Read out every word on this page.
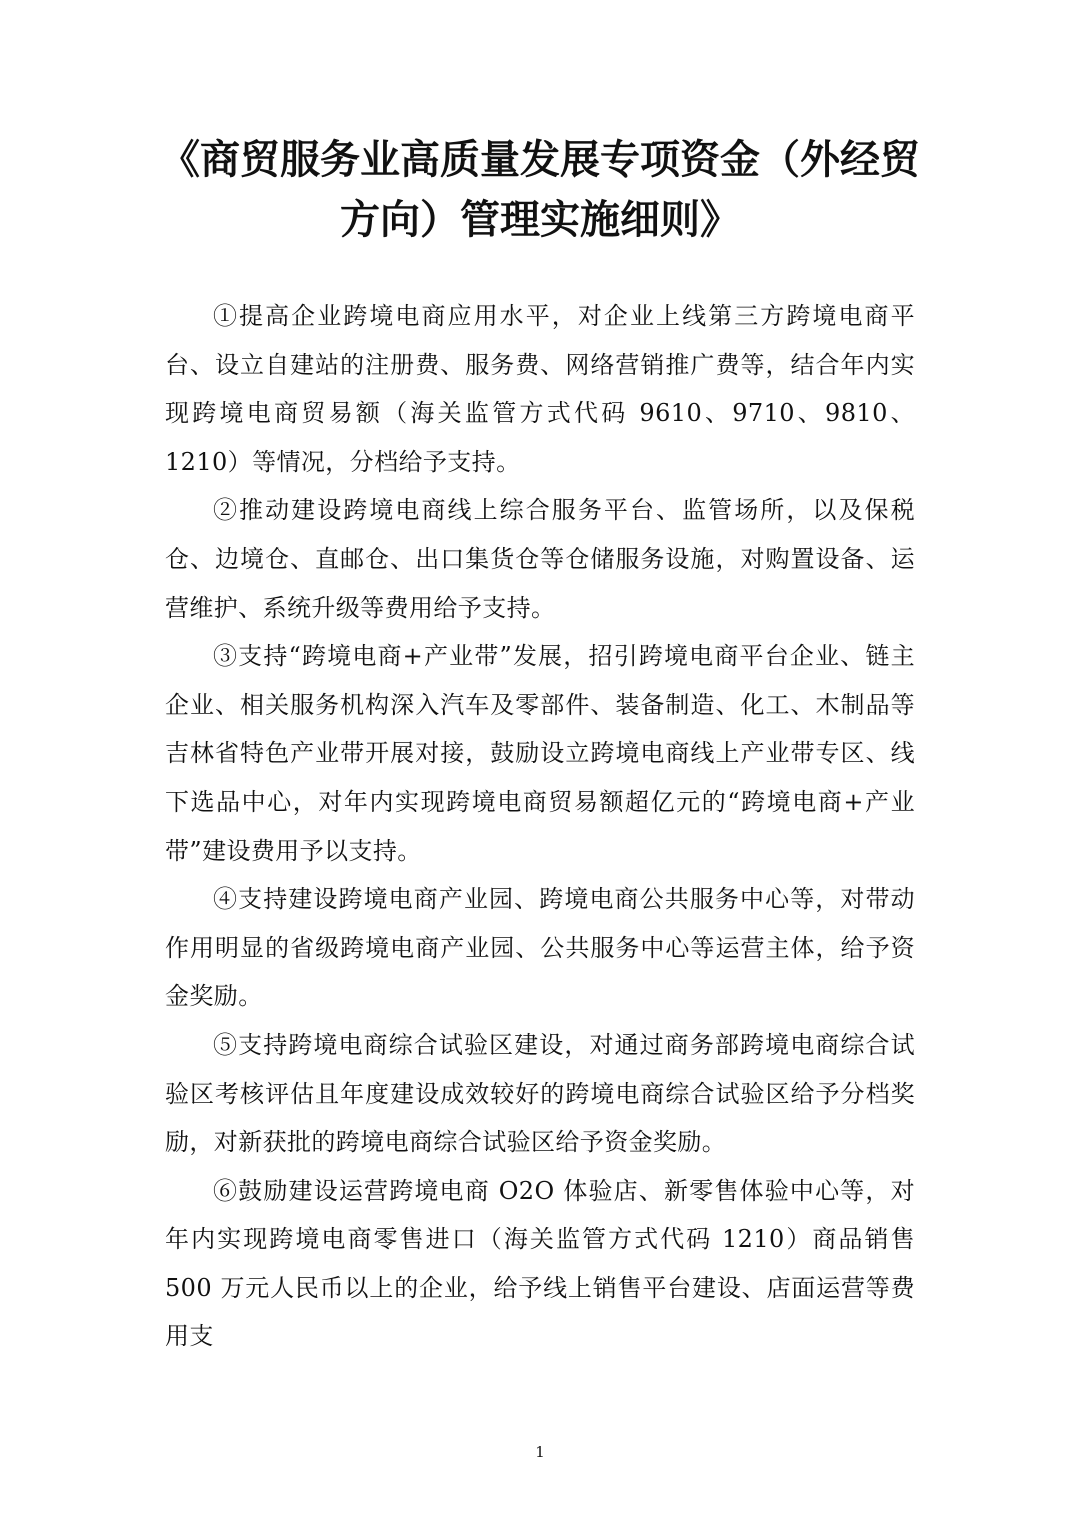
《商贸服务业高质量发展专项资金（外经贸
方向）管理实施细则》

①提高企业跨境电商应用水平，对企业上线第三方跨境电商平台、设立自建站的注册费、服务费、网络营销推广费等，结合年内实现跨境电商贸易额（海关监管方式代码 9610、9710、9810、1210）等情况，分档给予支持。

②推动建设跨境电商线上综合服务平台、监管场所，以及保税仓、边境仓、直邮仓、出口集货仓等仓储服务设施，对购置设备、运营维护、系统升级等费用给予支持。

③支持“跨境电商+产业带”发展，招引跨境电商平台企业、链主企业、相关服务机构深入汽车及零部件、装备制造、化工、木制品等吉林省特色产业带开展对接，鼓励设立跨境电商线上产业带专区、线下选品中心，对年内实现跨境电商贸易额超亿元的“跨境电商+产业带”建设费用予以支持。

④支持建设跨境电商产业园、跨境电商公共服务中心等，对带动作用明显的省级跨境电商产业园、公共服务中心等运营主体，给予资金奖励。

⑤支持跨境电商综合试验区建设，对通过商务部跨境电商综合试验区考核评估且年度建设成效较好的跨境电商综合试验区给予分档奖励，对新获批的跨境电商综合试验区给予资金奖励。

⑥鼓励建设运营跨境电商 O2O 体验店、新零售体验中心等，对年内实现跨境电商零售进口（海关监管方式代码 1210）商品销售 500 万元人民币以上的企业，给予线上销售平台建设、店面运营等费用支

1
